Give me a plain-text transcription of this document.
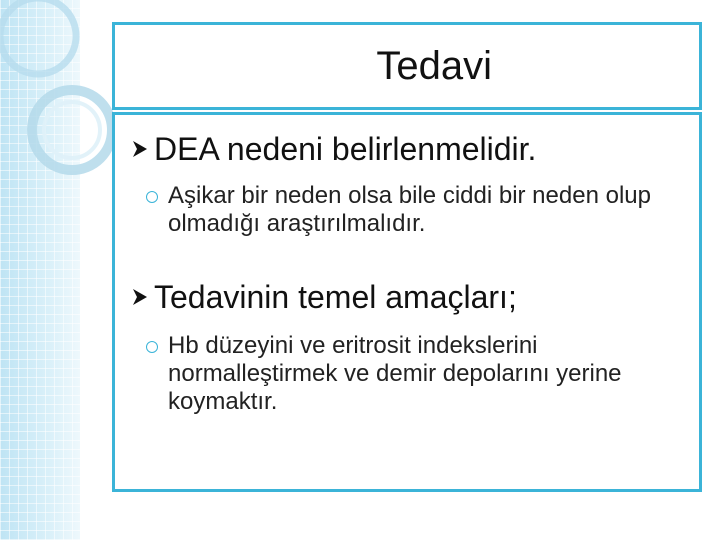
Tedavi
DEA nedeni belirlenmelidir.
Aşikar bir neden olsa bile ciddi bir neden olup olmadığı araştırılmalıdır.
Tedavinin temel amaçları;
Hb düzeyini ve eritrosit indekslerini normalleştirmek ve demir depolarını yerine koymaktır.
